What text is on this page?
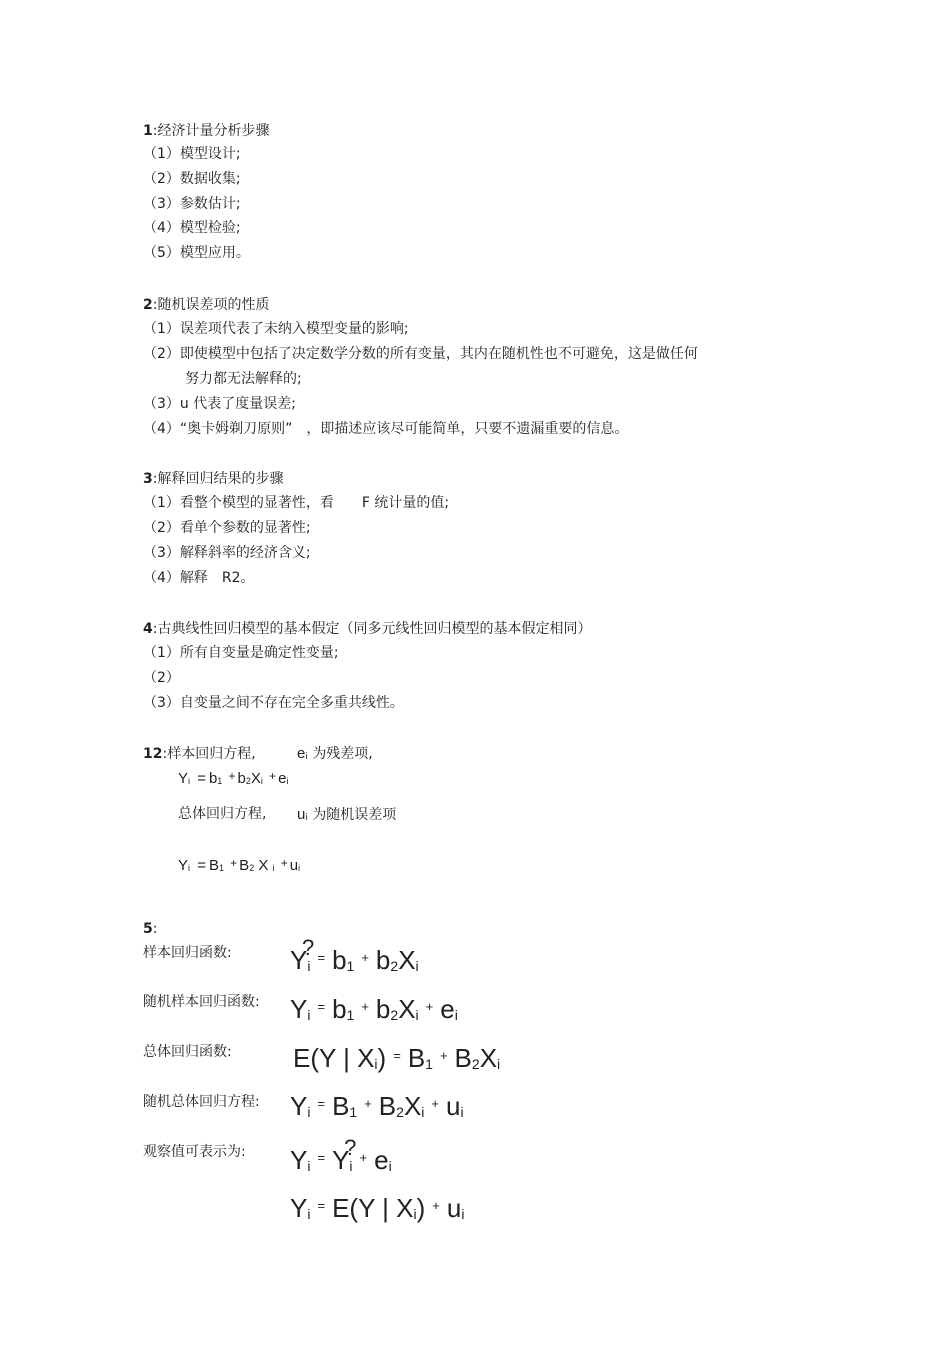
1:经济计量分析步骤
（1）模型设计;
（2）数据收集;
（3）参数估计;
（4）模型检验;
（5）模型应用。
2:随机误差项的性质
（1）误差项代表了未纳入模型变量的影响;
（2）即使模型中包括了决定数学分数的所有变量，其内在随机性也不可避免，这是做任何
努力都无法解释的;
（3）u 代表了度量误差;
（4）“奥卡姆剃刀原则”　，即描述应该尽可能简单，只要不遗漏重要的信息。
3:解释回归结果的步骤
（1）看整个模型的显著性，看　　F 统计量的值;
（2）看单个参数的显著性;
（3）解释斜率的经济含义;
（4）解释　R2。
4:古典线性回归模型的基本假定（同多元线性回归模型的基本假定相同）
（1）所有自变量是确定性变量;
（2）
（3）自变量之间不存在完全多重共线性。
12:样本回归方程,	ei 为残差项,
Yi = b1 + b2Xi + ei
总体回归方程, ui 为随机误差项
Yi = B1 + B2 X i + ui
5:
样本回归函数: Y ?i= b1+ b2Xi
随机样本回归函数: Yi= b1+ b2Xi+ ei
总体回归函数: E(Y | Xi) = B1+ B2Xi
随机总体回归方程: Yi= B1+ B2Xi+ ui
观察值可表示为: Yi= Y ?i+ ei
Yi= E(Y | Xi) + ui
